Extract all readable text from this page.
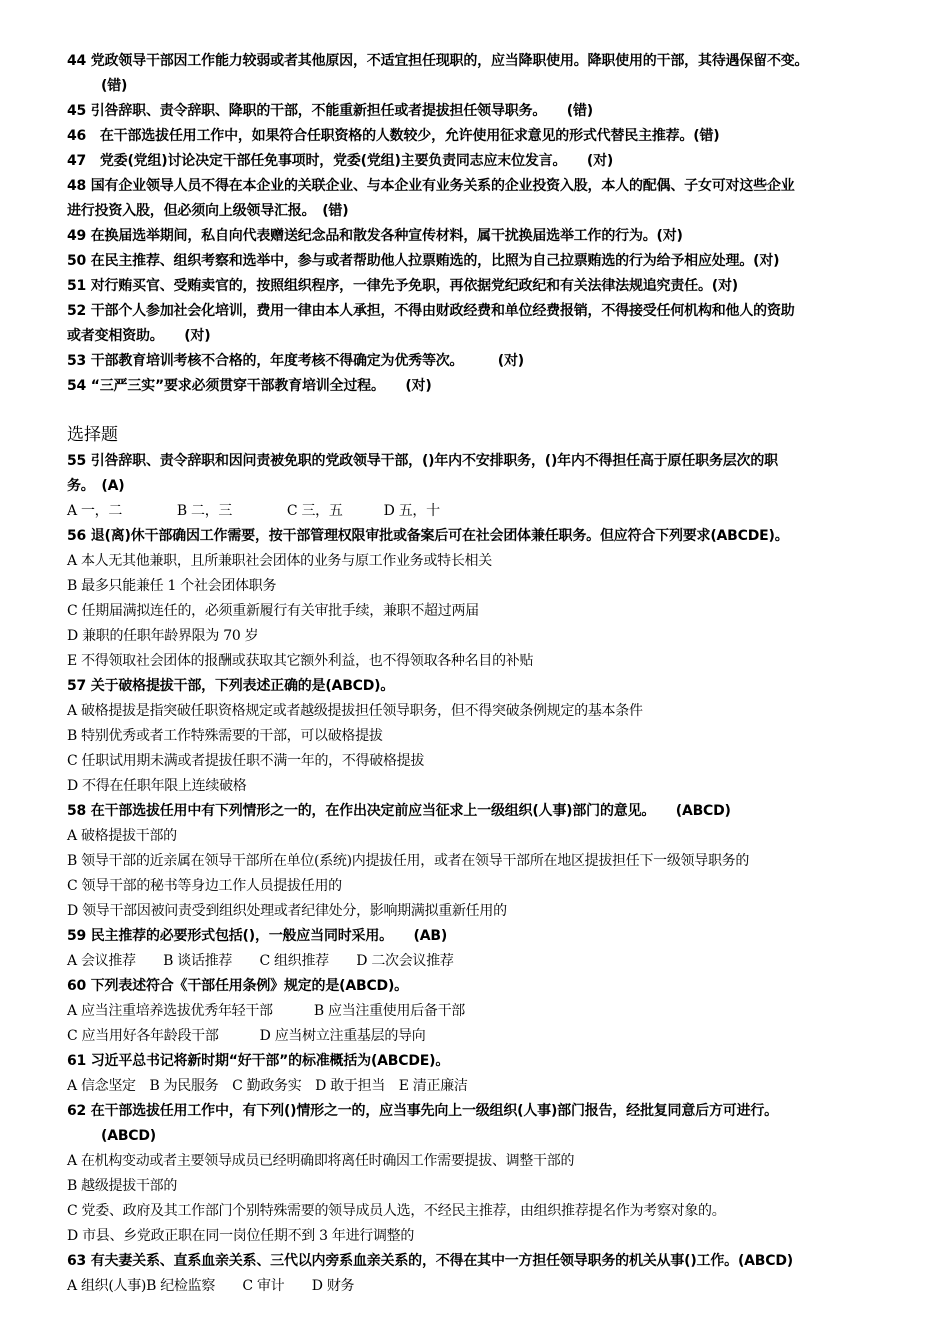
44 党政领导干部因工作能力较弱或者其他原因，不适宜担任现职的，应当降职使用。降职使用的干部，其待遇保留不变。
(错)
45 引咎辞职、责令辞职、降职的干部，不能重新担任或者提拔担任领导职务。　　(错)
46　在干部选拔任用工作中，如果符合任职资格的人数较少，允许使用征求意见的形式代替民主推荐。(错)
47　党委(党组)讨论决定干部任免事项时，党委(党组)主要负责同志应末位发言。　　(对)
48 国有企业领导人员不得在本企业的关联企业、与本企业有业务关系的企业投资入股，本人的配偶、子女可对这些企业
进行投资入股，但必须向上级领导汇报。　(错)
49 在换届选举期间，私自向代表赠送纪念品和散发各种宣传材料，属干扰换届选举工作的行为。(对)
50 在民主推荐、组织考察和选举中，参与或者帮助他人拉票贿选的，比照为自己拉票贿选的行为给予相应处理。(对)
51 对行贿买官、受贿卖官的，按照组织程序，一律先予免职，再依据党纪政纪和有关法律法规追究责任。(对)
52 干部个人参加社会化培训，费用一律由本人承担，不得由财政经费和单位经费报销，不得接受任何机构和他人的资助
或者变相资助。　　(对)
53 干部教育培训考核不合格的，年度考核不得确定为优秀等次。　　　(对)
54 “三严三实”要求必须贯穿干部教育培训全过程。　　(对)
选择题
55 引咎辞职、责令辞职和因问责被免职的党政领导干部，()年内不安排职务，()年内不得担任高于原任职务层次的职
务。　(A)
A 一，二　　　　B 二，三　　　　C 三，五　　　D 五，十
56 退(离)休干部确因工作需要，按干部管理权限审批或备案后可在社会团体兼任职务。但应符合下列要求(ABCDE)。
A 本人无其他兼职，且所兼职社会团体的业务与原工作业务或特长相关
B 最多只能兼任 1 个社会团体职务
C 任期届满拟连任的，必须重新履行有关审批手续，兼职不超过两届
D 兼职的任职年龄界限为 70 岁
E 不得领取社会团体的报酬或获取其它额外利益，也不得领取各种名目的补贴
57 关于破格提拔干部，下列表述正确的是(ABCD)。
A 破格提拔是指突破任职资格规定或者越级提拔担任领导职务，但不得突破条例规定的基本条件
B 特别优秀或者工作特殊需要的干部，可以破格提拔
C 任职试用期未满或者提拔任职不满一年的，不得破格提拔
D 不得在任职年限上连续破格
58 在干部选拔任用中有下列情形之一的，在作出决定前应当征求上一级组织(人事)部门的意见。　　(ABCD)
A 破格提拔干部的
B 领导干部的近亲属在领导干部所在单位(系统)内提拔任用，或者在领导干部所在地区提拔担任下一级领导职务的
C 领导干部的秘书等身边工作人员提拔任用的
D 领导干部因被问责受到组织处理或者纪律处分，影响期满拟重新任用的
59 民主推荐的必要形式包括()，一般应当同时采用。　　(AB)
A 会议推荐　　B 谈话推荐　　C 组织推荐　　D 二次会议推荐
60 下列表述符合《干部任用条例》规定的是(ABCD)。
A 应当注重培养选拔优秀年轻干部　　　B 应当注重使用后备干部
C 应当用好各年龄段干部　　　D 应当树立注重基层的导向
61 习近平总书记将新时期“好干部”的标准概括为(ABCDE)。
A 信念坚定　B 为民服务　C 勤政务实　D 敢于担当　E 清正廉洁
62 在干部选拔任用工作中，有下列()情形之一的，应当事先向上一级组织(人事)部门报告，经批复同意后方可进行。
(ABCD)
A 在机构变动或者主要领导成员已经明确即将离任时确因工作需要提拔、调整干部的
B 越级提拔干部的
C 党委、政府及其工作部门个别特殊需要的领导成员人选，不经民主推荐，由组织推荐提名作为考察对象的。
D 市县、乡党政正职在同一岗位任期不到 3 年进行调整的
63 有夫妻关系、直系血亲关系、三代以内旁系血亲关系的，不得在其中一方担任领导职务的机关从事()工作。(ABCD)
A 组织(人事)B 纪检监察　　C 审计　　D 财务
